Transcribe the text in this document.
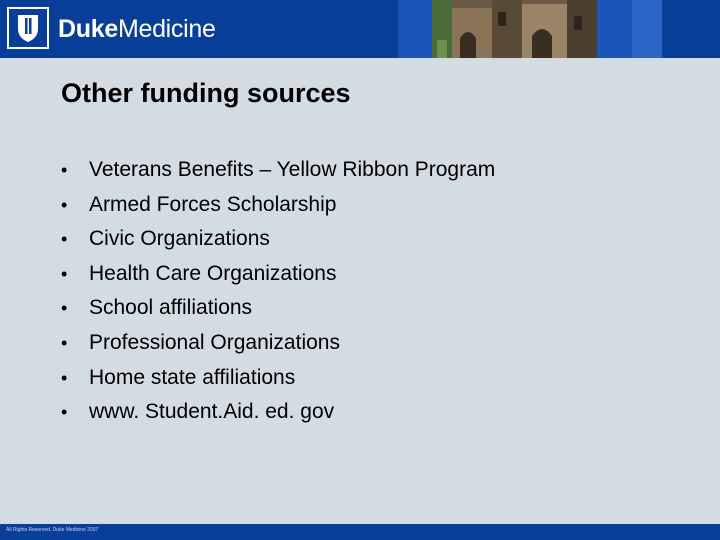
DukeMedicine
Other funding sources
•	Veterans Benefits – Yellow Ribbon Program
•	Armed Forces Scholarship
•	Civic Organizations
•	Health Care Organizations
•	School affiliations
•	Professional Organizations
•	Home state affiliations
•	www. Student.Aid. ed. gov
All Rights Reserved, Duke Medicine 2007
